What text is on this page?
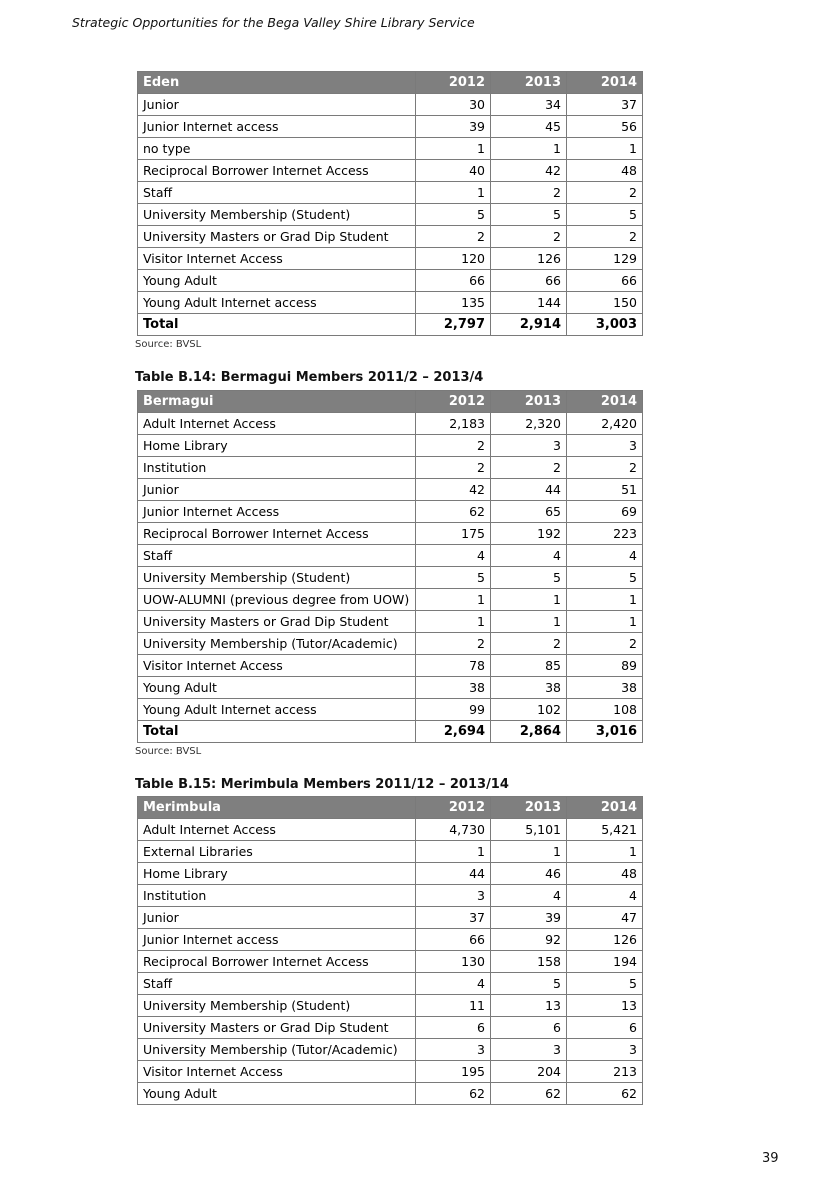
Strategic Opportunities for the Bega Valley Shire Library Service
Eden	2012	2013	2014
Junior	30	34	37
Junior Internet access	39	45	56
no type	1	1	1
Reciprocal Borrower Internet Access	40	42	48
Staff	1	2	2
University Membership (Student)	5	5	5
University Masters or Grad Dip Student	2	2	2
Visitor Internet Access	120	126	129
Young Adult	66	66	66
Young Adult Internet access	135	144	150
Total	2,797	2,914	3,003
Source: BVSL
Table B.14: Bermagui Members 2011/2 – 2013/4
Bermagui	2012	2013	2014
Adult Internet Access	2,183	2,320	2,420
Home Library	2	3	3
Institution	2	2	2
Junior	42	44	51
Junior Internet Access	62	65	69
Reciprocal Borrower Internet Access	175	192	223
Staff	4	4	4
University Membership (Student)	5	5	5
UOW-ALUMNI (previous degree from UOW)	1	1	1
University Masters or Grad Dip Student	1	1	1
University Membership (Tutor/Academic)	2	2	2
Visitor Internet Access	78	85	89
Young Adult	38	38	38
Young Adult Internet access	99	102	108
Total	2,694	2,864	3,016
Source: BVSL
Table B.15: Merimbula Members 2011/12 – 2013/14
Merimbula	2012	2013	2014
Adult Internet Access	4,730	5,101	5,421
External Libraries	1	1	1
Home Library	44	46	48
Institution	3	4	4
Junior	37	39	47
Junior Internet access	66	92	126
Reciprocal Borrower Internet Access	130	158	194
Staff	4	5	5
University Membership (Student)	11	13	13
University Masters or Grad Dip Student	6	6	6
University Membership (Tutor/Academic)	3	3	3
Visitor Internet Access	195	204	213
Young Adult	62	62	62
39
